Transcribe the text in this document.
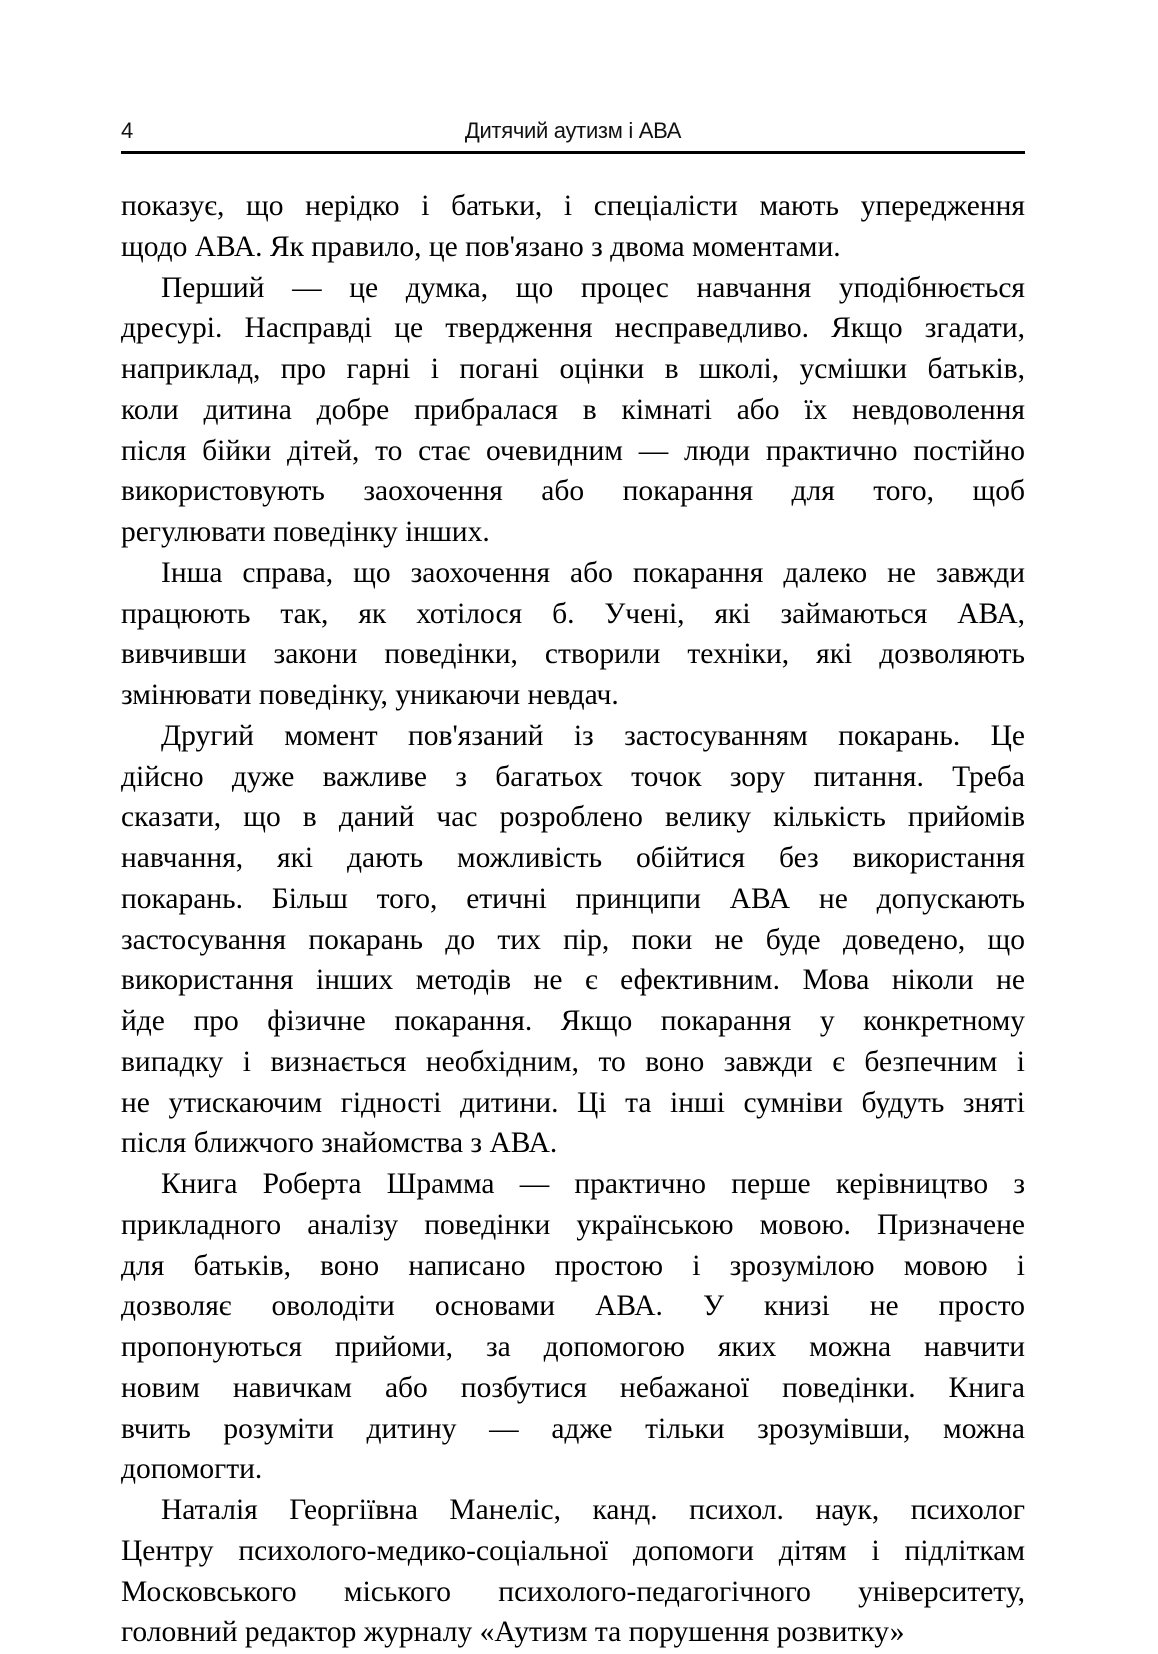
4	Дитячий аутизм і АВА

показує, що нерідко і батьки, і спеціалісти мають упередження
щодо АВА. Як правило, це пов'язано з двома моментами.

Перший — це думка, що процес навчання уподібнюється
дресурі. Насправді це твердження несправедливо. Якщо згадати,
наприклад, про гарні і погані оцінки в школі, усмішки батьків,
коли дитина добре прибралася в кімнаті або їх невдоволення
після бійки дітей, то стає очевидним — люди практично постійно
використовують заохочення або покарання для того, щоб
регулювати поведінку інших.

Інша справа, що заохочення або покарання далеко не завжди
працюють так, як хотілося б. Учені, які займаються АВА,
вивчивши закони поведінки, створили техніки, які дозволяють
змінювати поведінку, уникаючи невдач.

Другий момент пов'язаний із застосуванням покарань. Це
дійсно дуже важливе з багатьох точок зору питання. Треба
сказати, що в даний час розроблено велику кількість прийомів
навчання, які дають можливість обійтися без використання
покарань. Більш того, етичні принципи АВА не допускають
застосування покарань до тих пір, поки не буде доведено, що
використання інших методів не є ефективним. Мова ніколи не
йде про фізичне покарання. Якщо покарання у конкретному
випадку і визнається необхідним, то воно завжди є безпечним і
не утискаючим гідності дитини. Ці та інші сумніви будуть зняті
після ближчого знайомства з АВА.

Книга Роберта Шрамма — практично перше керівництво з
прикладного аналізу поведінки українською мовою. Призначене
для батьків, воно написано простою і зрозумілою мовою і
дозволяє оволодіти основами АВА. У книзі не просто
пропонуються прийоми, за допомогою яких можна навчити
новим навичкам або позбутися небажаної поведінки. Книга
вчить розуміти дитину — адже тільки зрозумівши, можна
допомогти.

Наталія Георгіївна Манеліс, канд. психол. наук, психолог
Центру психолого-медико-соціальної допомоги дітям і підліткам
Московського міського психолого-педагогічного університету,
головний редактор журналу «Аутизм та порушення розвитку»
